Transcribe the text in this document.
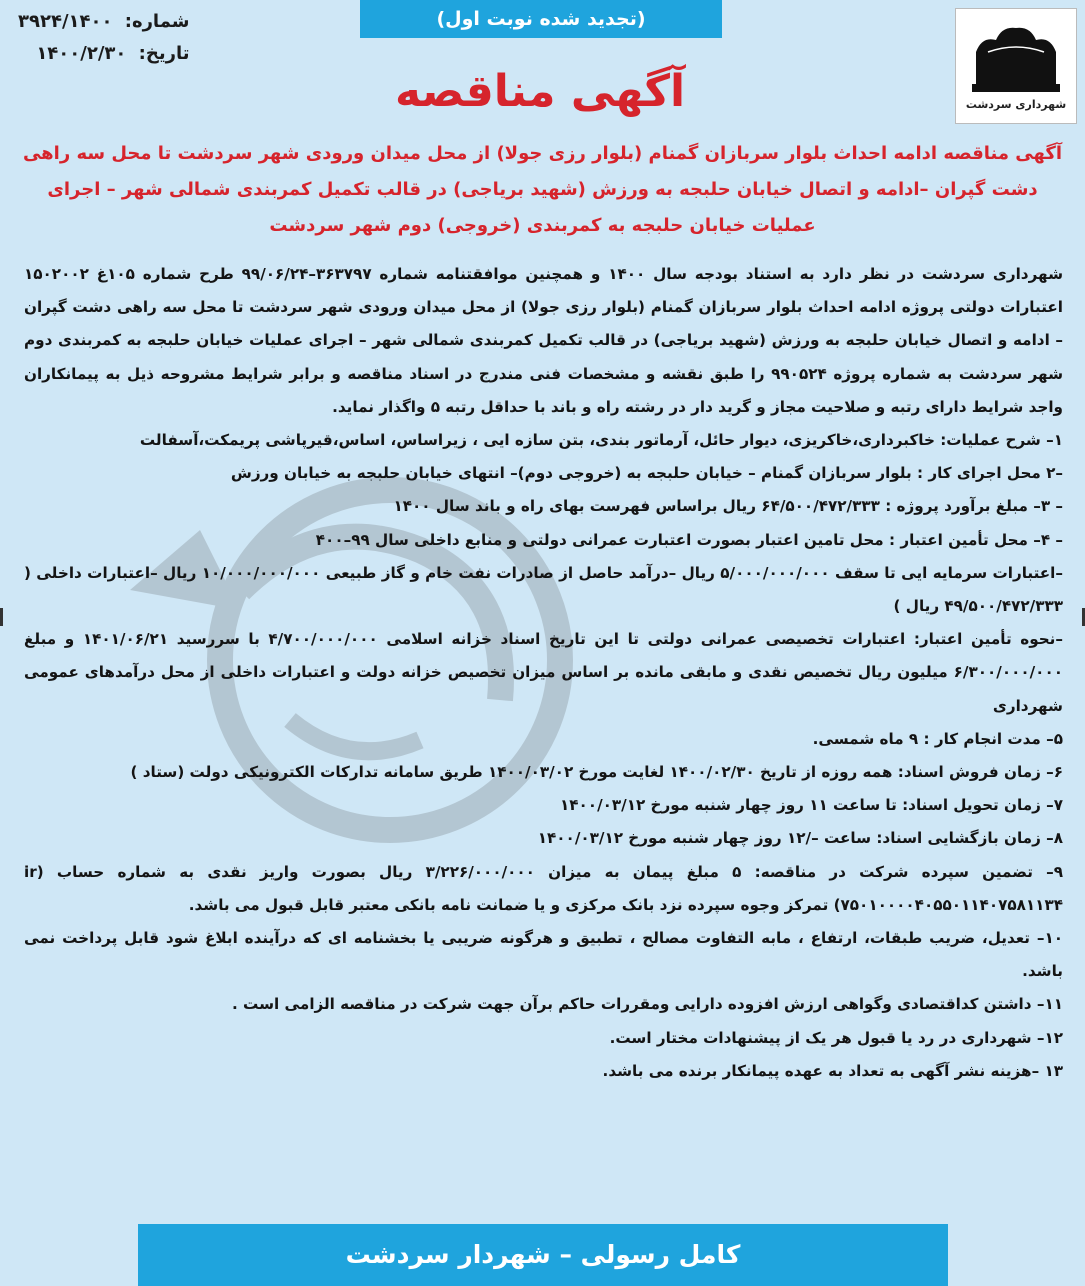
(تجدید شده نوبت اول)
شهرداری سردشت
شماره: ۳۹۲۴/۱۴۰۰
تاریخ: ۱۴۰۰/۲/۳۰
آگهی مناقصه
آگهی مناقصه ادامه احداث بلوار سربازان گمنام (بلوار رزی جولا) از محل میدان ورودی شهر سردشت تا محل سه راهی دشت گپران –ادامه و اتصال خیابان حلبجه به ورزش (شهید بریاجی) در قالب تکمیل کمربندی شمالی شهر – اجرای عملیات خیابان حلبجه به کمربندی (خروجی) دوم شهر سردشت

شهرداری سردشت در نظر دارد به استناد بودجه سال ۱۴۰۰ و همچنین موافقتنامه شماره ۳۶۳۷۹۷–۹۹/۰۶/۲۴ طرح شماره ۱۰۵غ ۱۵۰۲۰۰۲ اعتبارات دولتی پروژه ادامه احداث بلوار سربازان گمنام (بلوار رزی جولا) از محل میدان ورودی شهر سردشت تا محل سه راهی دشت گپران – ادامه و اتصال خیابان حلبجه به ورزش (شهید بریاجی) در قالب تکمیل کمربندی شمالی شهر – اجرای عملیات خیابان حلبجه به کمربندی دوم شهر سردشت به شماره پروژه ۹۹۰۵۲۴ را طبق نقشه و مشخصات فنی مندرج در اسناد مناقصه و برابر شرایط مشروحه ذیل به پیمانکاران واجد شرایط دارای رتبه و صلاحیت مجاز و گرید دار در رشته راه و باند با حداقل رتبه ۵ واگذار نماید.

۱– شرح عملیات: خاکبرداری،خاکریزی، دیوار حائل، آرماتور بندی، بتن سازه ایی ، زیراساس، اساس،قیرپاشی پریمکت،آسفالت

–۲ محل اجرای کار : بلوار سربازان گمنام – خیابان حلبجه به (خروجی دوم)– انتهای خیابان حلبجه به خیابان ورزش

– ۳– مبلغ برآورد پروژه : ۶۴/۵۰۰/۴۷۲/۳۳۳ ریال براساس فهرست بهای راه و باند سال ۱۴۰۰

– ۴– محل تأمین اعتبار : محل تامین اعتبار بصورت اعتبارت عمرانی دولتی و منابع داخلی سال ۹۹–۴۰۰

–اعتبارات سرمایه ایی تا سقف ۵/۰۰۰/۰۰۰/۰۰۰ ریال –درآمد حاصل از صادرات نفت خام و گاز طبیعی ۱۰/۰۰۰/۰۰۰/۰۰۰ ریال –اعتبارات داخلی ( ۴۹/۵۰۰/۴۷۲/۳۳۳ ریال )

–نحوه تأمین اعتبار: اعتبارات تخصیصی عمرانی دولتی تا این تاریخ اسناد خزانه اسلامی ۴/۷۰۰/۰۰۰/۰۰۰ با سررسید ۱۴۰۱/۰۶/۲۱ و مبلغ ۶/۳۰۰/۰۰۰/۰۰۰ میلیون ریال تخصیص نقدی و مابقی مانده بر اساس میزان تخصیص خزانه دولت و اعتبارات داخلی از محل درآمدهای عمومی شهرداری

۵– مدت انجام کار : ۹ ماه شمسی.

۶– زمان فروش اسناد: همه روزه از تاریخ ۱۴۰۰/۰۲/۳۰ لغایت مورخ ۱۴۰۰/۰۳/۰۲ طریق سامانه تدارکات الکترونیکی دولت (ستاد )

۷– زمان تحویل اسناد: تا ساعت ۱۱ روز چهار شنبه مورخ ۱۴۰۰/۰۳/۱۲

۸– زمان بازگشایی اسناد: ساعت –/۱۲ روز چهار شنبه مورخ ۱۴۰۰/۰۳/۱۲

۹– تضمین سپرده شرکت در مناقصه: ۵ مبلغ پیمان به میزان ۳/۲۲۶/۰۰۰/۰۰۰ ریال بصورت واریز نقدی به شماره حساب (ir ۷۵۰۱۰۰۰۰۴۰۵۵۰۱۱۴۰۷۵۸۱۱۳۴) تمرکز وجوه سپرده نزد بانک مرکزی و یا ضمانت نامه بانکی معتبر قابل قبول می باشد.

۱۰– تعدیل، ضریب طبقات، ارتفاع ، مابه التفاوت مصالح ، تطبیق و هرگونه ضریبی یا بخشنامه ای که درآینده ابلاغ شود قابل پرداخت نمی باشد.

۱۱– داشتن کداقتصادی وگواهی ارزش افزوده دارایی ومقررات حاکم برآن جهت شرکت در مناقصه الزامی است .

۱۲– شهرداری در رد یا قبول هر یک از پیشنهادات مختار است.

۱۳ –هزینه نشر آگهی به تعداد به عهده پیمانکار برنده می باشد.

کامل رسولی – شهردار سردشت
